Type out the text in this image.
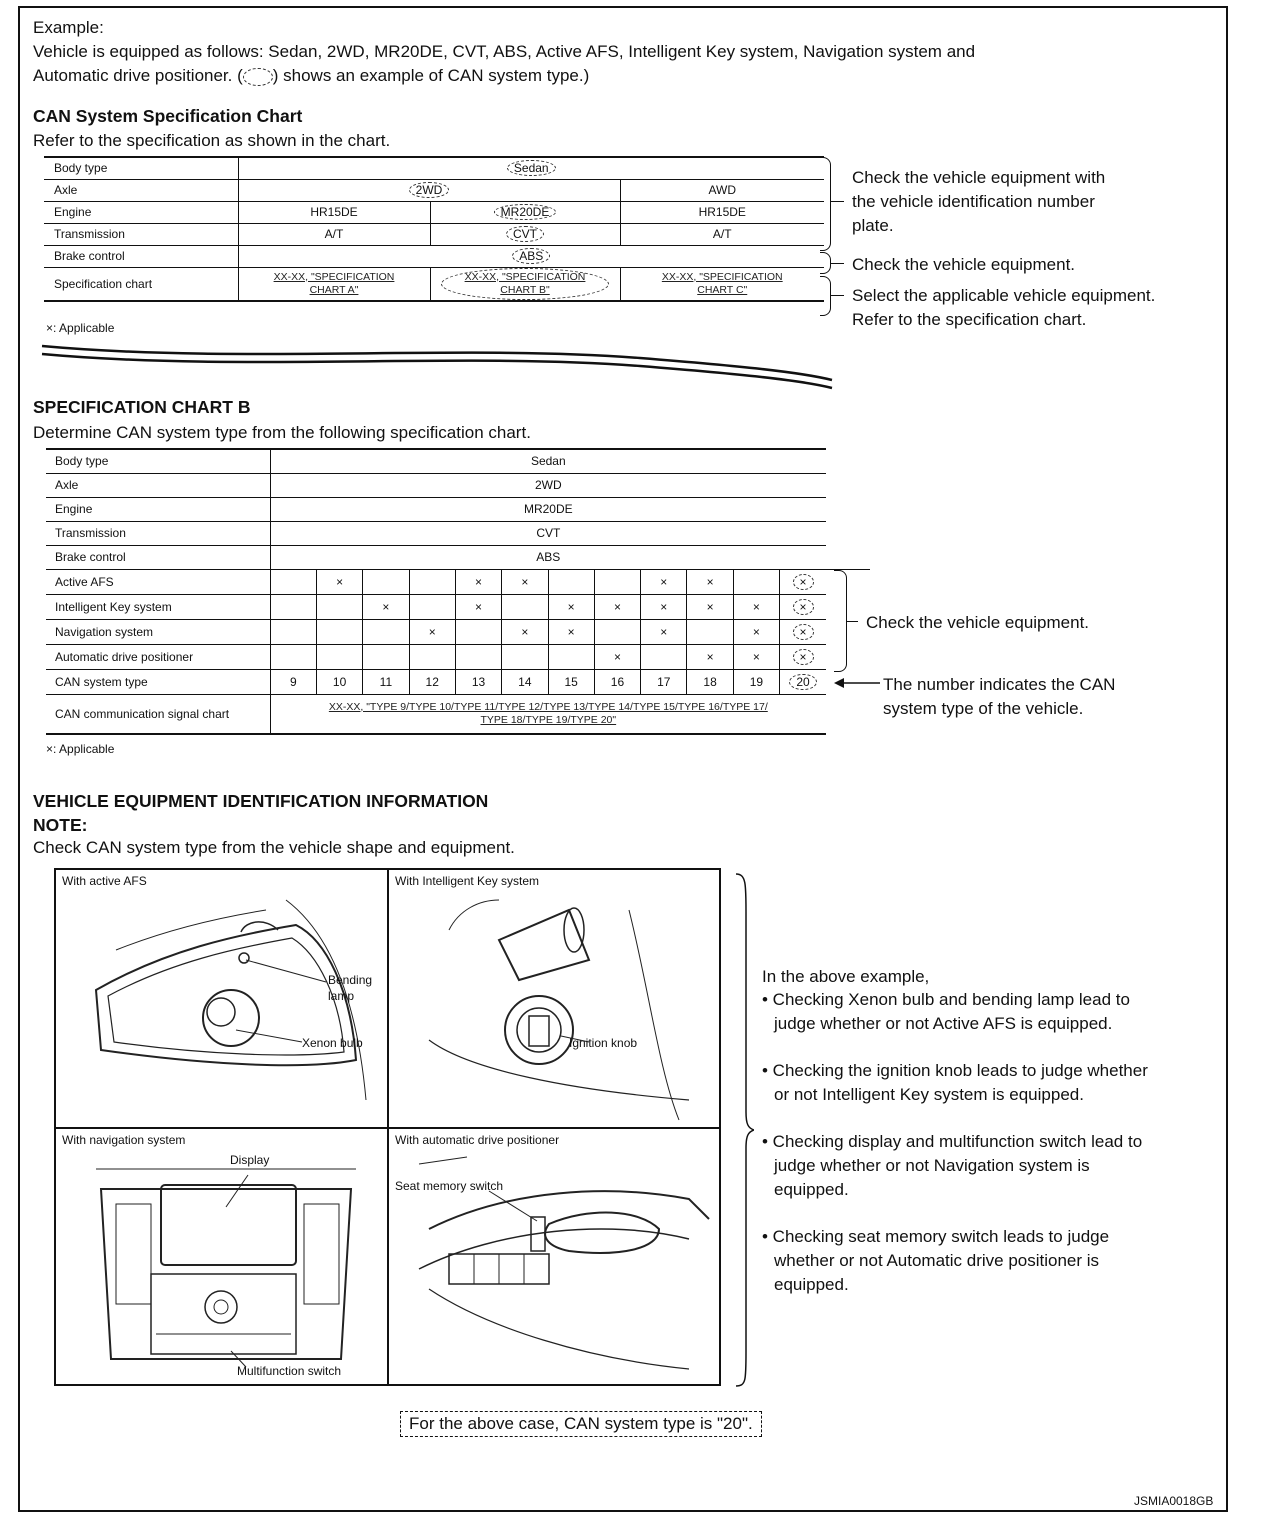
Example:
Vehicle is equipped as follows: Sedan, 2WD, MR20DE, CVT, ABS, Active AFS, Intelligent Key system, Navigation system and
Automatic drive positioner. ( ) shows an example of CAN system type.)
CAN System Specification Chart
Refer to the specification as shown in the chart.
Body type	Sedan		
Axle	2WD		AWD
Engine	HR15DE	MR20DE	HR15DE
Transmission	A/T	CVT	A/T
Brake control	ABS		
Specification chart	XX-XX, "SPECIFICATION CHART A"	XX-XX, "SPECIFICATION CHART B"	XX-XX, "SPECIFICATION CHART C"
×: Applicable
Check the vehicle equipment with
the vehicle identification number
plate.
Check the vehicle equipment.
Select the applicable vehicle equipment.
Refer to the specification chart.
SPECIFICATION CHART B
Determine CAN system type from the following specification chart.
Body type	Sedan											
Axle	2WD											
Engine	MR20DE											
Transmission	CVT											
Brake control	ABS											
Active AFS		×			×	×			×	×		×
Intelligent Key system			×		×		×	×	×	×	×	×
Navigation system				×		×	×		×		×	×
Automatic drive positioner								×		×	×	×
CAN system type	9	10	11	12	13	14	15	16	17	18	19	20
CAN communication signal chart	XX-XX, "TYPE 9/TYPE 10/TYPE 11/TYPE 12/TYPE 13/TYPE 14/TYPE 15/TYPE 16/TYPE 17/
TYPE 18/TYPE 19/TYPE 20"											
×: Applicable
Check the vehicle equipment.
The number indicates the CAN
system type of the vehicle.
VEHICLE EQUIPMENT IDENTIFICATION INFORMATION
NOTE:
Check CAN system type from the vehicle shape and equipment.
With active AFS
Bending
lamp
Xenon bulb
With Intelligent Key system
Ignition knob
With navigation system
Display
Multifunction switch
With automatic drive positioner
Seat memory switch
In the above example,
• Checking Xenon bulb and bending lamp lead to
judge whether or not Active AFS is equipped.
• Checking the ignition knob leads to judge whether
or not Intelligent Key system is equipped.
• Checking display and multifunction switch lead to
judge whether or not Navigation system is
equipped.
• Checking seat memory switch leads to judge
whether or not Automatic drive positioner is
equipped.
For the above case, CAN system type is "20".
JSMIA0018GB
